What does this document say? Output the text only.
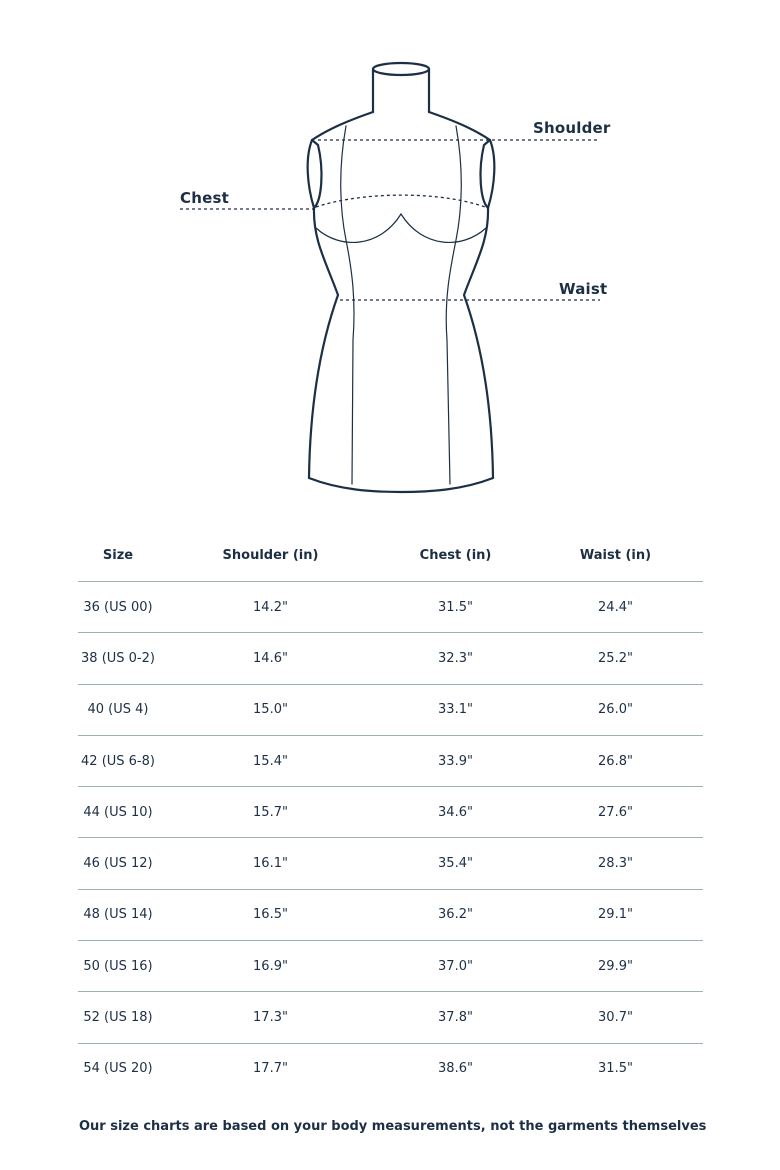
Shoulder
Chest
Waist
Size	Shoulder (in)	Chest (in)	Waist (in)
36 (US 00)	14.2"	31.5"	24.4"
38 (US 0-2)	14.6"	32.3"	25.2"
40 (US 4)	15.0"	33.1"	26.0"
42 (US 6-8)	15.4"	33.9"	26.8"
44 (US 10)	15.7"	34.6"	27.6"
46 (US 12)	16.1"	35.4"	28.3"
48 (US 14)	16.5"	36.2"	29.1"
50 (US 16)	16.9"	37.0"	29.9"
52 (US 18)	17.3"	37.8"	30.7"
54 (US 20)	17.7"	38.6"	31.5"
Our size charts are based on your body measurements, not the garments themselves
